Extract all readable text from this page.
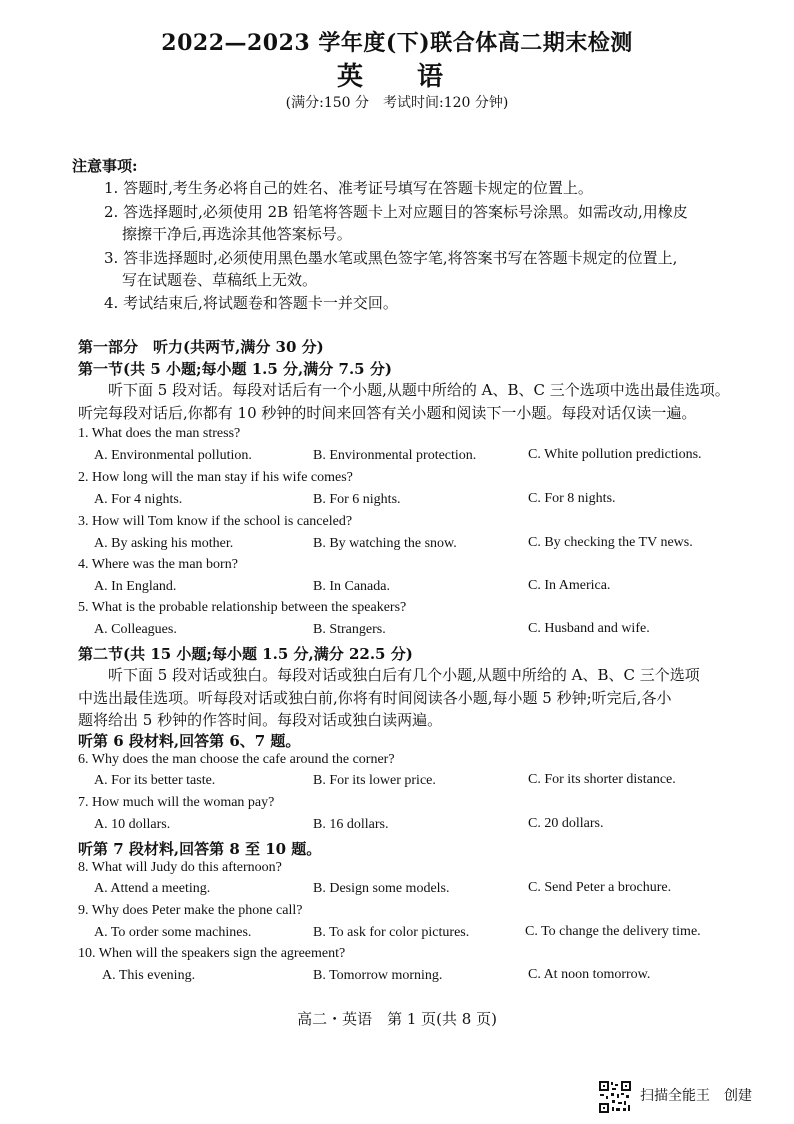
2022—2023 学年度(下)联合体高二期末检测
英　语
(满分:150 分　考试时间:120 分钟)
注意事项:
1. 答题时,考生务必将自己的姓名、准考证号填写在答题卡规定的位置上。
2. 答选择题时,必须使用 2B 铅笔将答题卡上对应题目的答案标号涂黑。如需改动,用橡皮
擦擦干净后,再选涂其他答案标号。
3. 答非选择题时,必须使用黑色墨水笔或黑色签字笔,将答案书写在答题卡规定的位置上,
写在试题卷、草稿纸上无效。
4. 考试结束后,将试题卷和答题卡一并交回。
第一部分　听力(共两节,满分 30 分)
第一节(共 5 小题;每小题 1.5 分,满分 7.5 分)
听下面 5 段对话。每段对话后有一个小题,从题中所给的 A、B、C 三个选项中选出最佳选项。
听完每段对话后,你都有 10 秒钟的时间来回答有关小题和阅读下一小题。每段对话仅读一遍。
1. What does the man stress?
A. Environmental pollution.	B. Environmental protection.	C. White pollution predictions.
2. How long will the man stay if his wife comes?
A. For 4 nights.	B. For 6 nights.	C. For 8 nights.
3. How will Tom know if the school is canceled?
A. By asking his mother.	B. By watching the snow.	C. By checking the TV news.
4. Where was the man born?
A. In England.	B. In Canada.	C. In America.
5. What is the probable relationship between the speakers?
A. Colleagues.	B. Strangers.	C. Husband and wife.
第二节(共 15 小题;每小题 1.5 分,满分 22.5 分)
听下面 5 段对话或独白。每段对话或独白后有几个小题,从题中所给的 A、B、C 三个选项
中选出最佳选项。听每段对话或独白前,你将有时间阅读各小题,每小题 5 秒钟;听完后,各小
题将给出 5 秒钟的作答时间。每段对话或独白读两遍。
听第 6 段材料,回答第 6、7 题。
6. Why does the man choose the cafe around the corner?
A. For its better taste.	B. For its lower price.	C. For its shorter distance.
7. How much will the woman pay?
A. 10 dollars.	B. 16 dollars.	C. 20 dollars.
听第 7 段材料,回答第 8 至 10 题。
8. What will Judy do this afternoon?
A. Attend a meeting.	B. Design some models.	C. Send Peter a brochure.
9. Why does Peter make the phone call?
A. To order some machines.	B. To ask for color pictures.	C. To change the delivery time.
10. When will the speakers sign the agreement?
A. This evening.	B. Tomorrow morning.	C. At noon tomorrow.
高二・英语　第 1 页(共 8 页)
扫描全能王　创建
